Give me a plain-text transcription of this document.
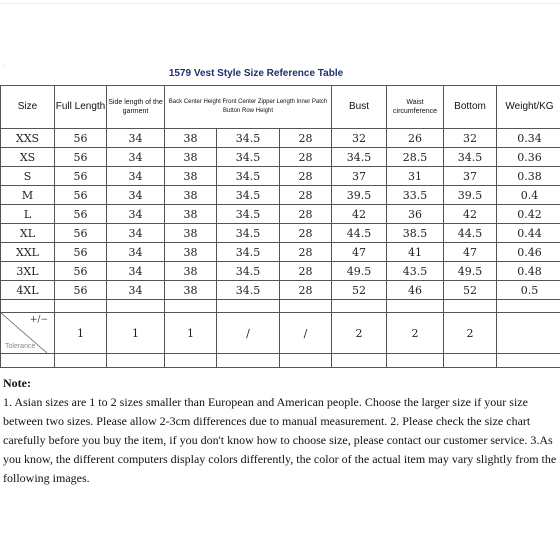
.
1579 Vest Style Size Reference Table
Size	Full Length	Side length of the garment	Back Center Height Front Center Zipper Length Inner Patch Button Row Height			Bust	Waist circumference	Bottom	Weight/KG
XXS	56	34	38	34.5	28	32	26	32	0.34
XS	56	34	38	34.5	28	34.5	28.5	34.5	0.36
S	56	34	38	34.5	28	37	31	37	0.38
M	56	34	38	34.5	28	39.5	33.5	39.5	0.4
L	56	34	38	34.5	28	42	36	42	0.42
XL	56	34	38	34.5	28	44.5	38.5	44.5	0.44
XXL	56	34	38	34.5	28	47	41	47	0.46
3XL	56	34	38	34.5	28	49.5	43.5	49.5	0.48
4XL	56	34	38	34.5	28	52	46	52	0.5

+/−
Tolerance	1	1	1	/	/	2	2	2	

Note:
1. Asian sizes are 1 to 2 sizes smaller than European and American people. Choose the larger size if your size between two sizes. Please allow 2-3cm differences due to manual measurement. 2. Please check the size chart carefully before you buy the item, if you don't know how to choose size, please contact our customer service. 3.As you know, the different computers display colors differently, the color of the actual item may vary slightly from the following images.
